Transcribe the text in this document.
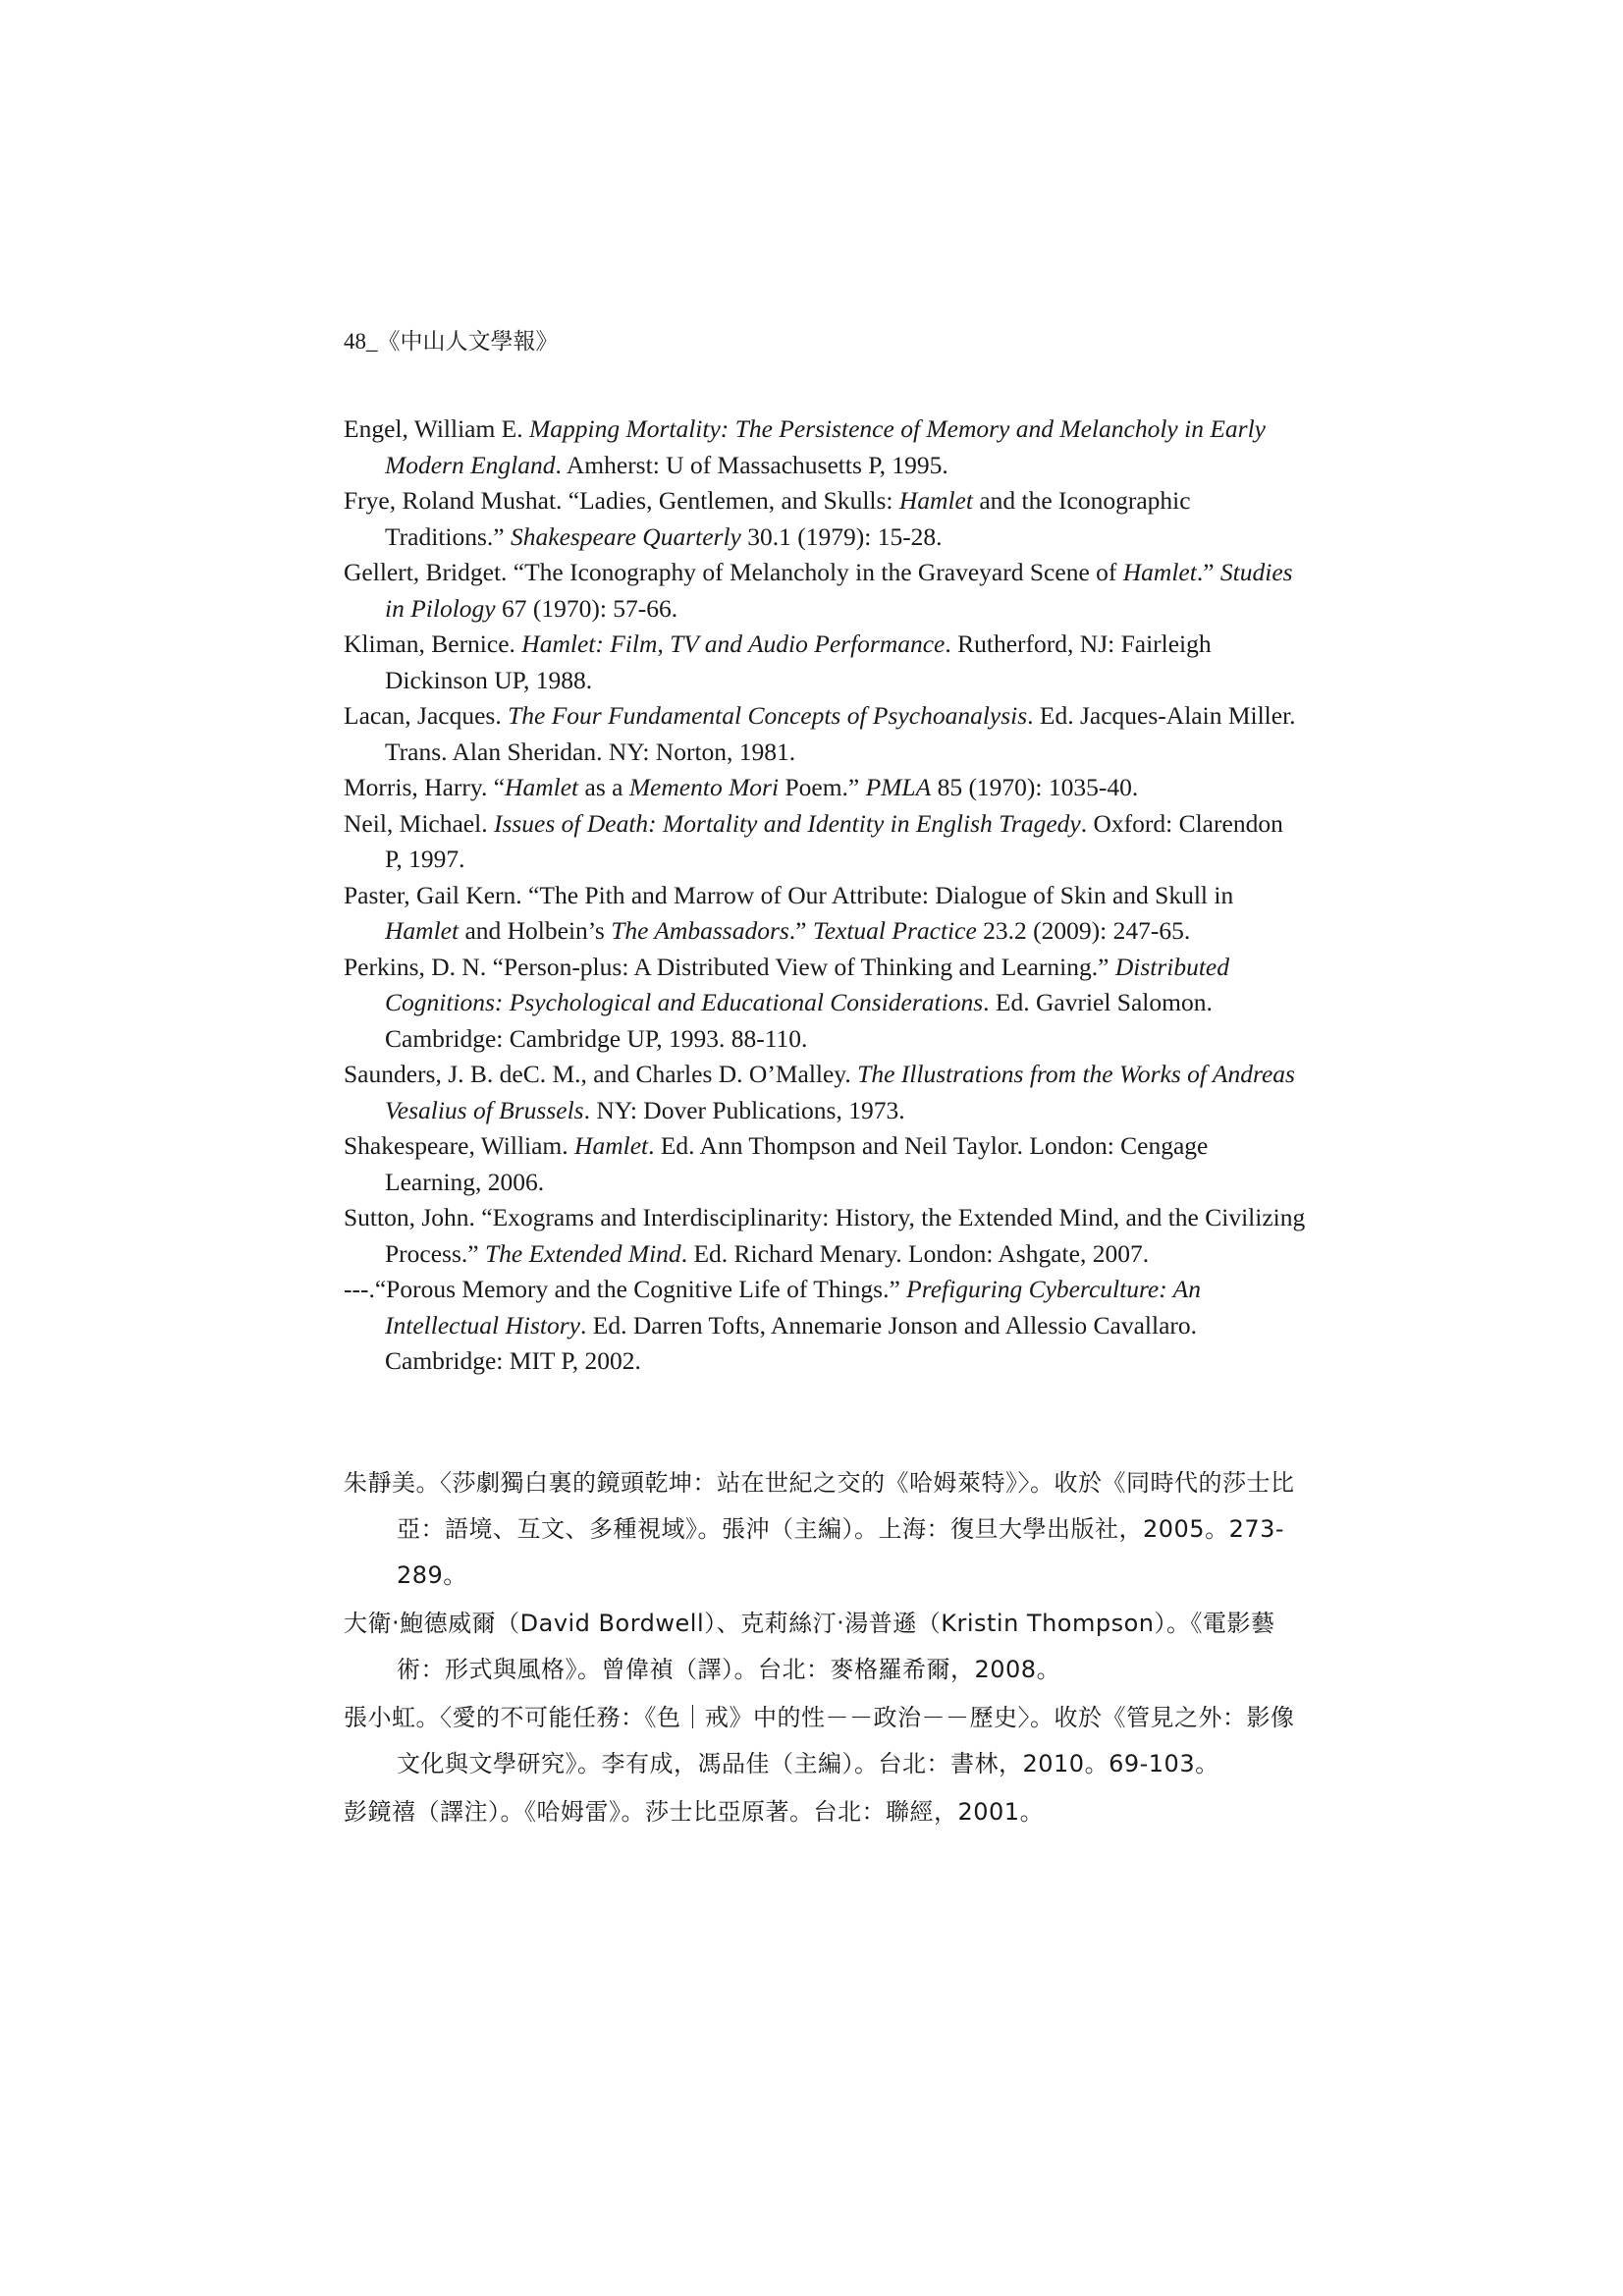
48_《中山人文學報》
Engel, William E. Mapping Mortality: The Persistence of Memory and Melancholy in Early Modern England. Amherst: U of Massachusetts P, 1995.
Frye, Roland Mushat. “Ladies, Gentlemen, and Skulls: Hamlet and the Iconographic Traditions.” Shakespeare Quarterly 30.1 (1979): 15-28.
Gellert, Bridget. “The Iconography of Melancholy in the Graveyard Scene of Hamlet.” Studies in Pilology 67 (1970): 57-66.
Kliman, Bernice. Hamlet: Film, TV and Audio Performance. Rutherford, NJ: Fairleigh Dickinson UP, 1988.
Lacan, Jacques. The Four Fundamental Concepts of Psychoanalysis. Ed. Jacques-Alain Miller. Trans. Alan Sheridan. NY: Norton, 1981.
Morris, Harry. “Hamlet as a Memento Mori Poem.” PMLA 85 (1970): 1035-40.
Neil, Michael. Issues of Death: Mortality and Identity in English Tragedy. Oxford: Clarendon P, 1997.
Paster, Gail Kern. “The Pith and Marrow of Our Attribute: Dialogue of Skin and Skull in Hamlet and Holbein’s The Ambassadors.” Textual Practice 23.2 (2009): 247-65.
Perkins, D. N. “Person-plus: A Distributed View of Thinking and Learning.” Distributed Cognitions: Psychological and Educational Considerations. Ed. Gavriel Salomon. Cambridge: Cambridge UP, 1993. 88-110.
Saunders, J. B. deC. M., and Charles D. O’Malley. The Illustrations from the Works of Andreas Vesalius of Brussels. NY: Dover Publications, 1973.
Shakespeare, William. Hamlet. Ed. Ann Thompson and Neil Taylor. London: Cengage Learning, 2006.
Sutton, John. “Exograms and Interdisciplinarity: History, the Extended Mind, and the Civilizing Process.” The Extended Mind. Ed. Richard Menary. London: Ashgate, 2007.
---.“Porous Memory and the Cognitive Life of Things.” Prefiguring Cyberculture: An Intellectual History. Ed. Darren Tofts, Annemarie Jonson and Allessio Cavallaro. Cambridge: MIT P, 2002.
朱靜美。〈莎劇獨白裏的鏡頭乾坤：站在世紀之交的《哈姆萊特》〉。收於《同時代的莎士比亞：語境、互文、多種視域》。張沖（主編）。上海：復旦大學出版社，2005。273-289。
大衛‧鮑德威爾（David Bordwell）、克莉絲汀‧湯普遜（Kristin Thompson）。《電影藝術：形式與風格》。曾偉禎（譯）。台北：麥格羅希爾，2008。
張小虹。〈愛的不可能任務：《色｜戒》中的性－－政治－－歷史〉。收於《管見之外：影像文化與文學研究》。李有成，馮品佳（主編）。台北：書林，2010。69-103。
彭鏡禧（譯注）。《哈姆雷》。莎士比亞原著。台北：聯經，2001。
